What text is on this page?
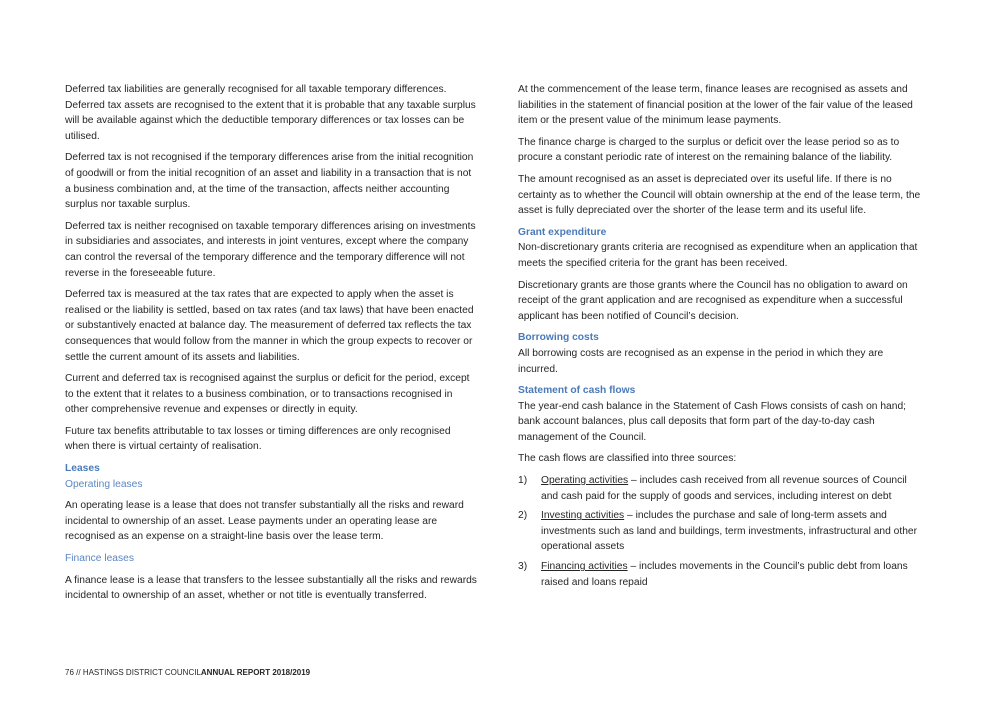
Deferred tax liabilities are generally recognised for all taxable temporary differences. Deferred tax assets are recognised to the extent that it is probable that any taxable surplus will be available against which the deductible temporary differences or tax losses can be utilised.

Deferred tax is not recognised if the temporary differences arise from the initial recognition of goodwill or from the initial recognition of an asset and liability in a transaction that is not a business combination and, at the time of the transaction, affects neither accounting surplus nor taxable surplus.

Deferred tax is neither recognised on taxable temporary differences arising on investments in subsidiaries and associates, and interests in joint ventures, except where the company can control the reversal of the temporary difference and the temporary difference will not reverse in the foreseeable future.

Deferred tax is measured at the tax rates that are expected to apply when the asset is realised or the liability is settled, based on tax rates (and tax laws) that have been enacted or substantively enacted at balance day. The measurement of deferred tax reflects the tax consequences that would follow from the manner in which the group expects to recover or settle the current amount of its assets and liabilities.

Current and deferred tax is recognised against the surplus or deficit for the period, except to the extent that it relates to a business combination, or to transactions recognised in other comprehensive revenue and expenses or directly in equity.

Future tax benefits attributable to tax losses or timing differences are only recognised when there is virtual certainty of realisation.

Leases
Operating leases

An operating lease is a lease that does not transfer substantially all the risks and reward incidental to ownership of an asset. Lease payments under an operating lease are recognised as an expense on a straight-line basis over the lease term.

Finance leases

A finance lease is a lease that transfers to the lessee substantially all the risks and rewards incidental to ownership of an asset, whether or not title is eventually transferred.

At the commencement of the lease term, finance leases are recognised as assets and liabilities in the statement of financial position at the lower of the fair value of the leased item or the present value of the minimum lease payments.

The finance charge is charged to the surplus or deficit over the lease period so as to procure a constant periodic rate of interest on the remaining balance of the liability.

The amount recognised as an asset is depreciated over its useful life. If there is no certainty as to whether the Council will obtain ownership at the end of the lease term, the asset is fully depreciated over the shorter of the lease term and its useful life.

Grant expenditure

Non-discretionary grants criteria are recognised as expenditure when an application that meets the specified criteria for the grant has been received.

Discretionary grants are those grants where the Council has no obligation to award on receipt of the grant application and are recognised as expenditure when a successful applicant has been notified of Council’s decision.

Borrowing costs

All borrowing costs are recognised as an expense in the period in which they are incurred.

Statement of cash flows

The year-end cash balance in the Statement of Cash Flows consists of cash on hand; bank account balances, plus call deposits that form part of the day-to-day cash management of the Council.

The cash flows are classified into three sources:

1) Operating activities – includes cash received from all revenue sources of Council and cash paid for the supply of goods and services, including interest on debt
2) Investing activities – includes the purchase and sale of long-term assets and investments such as land and buildings, term investments, infrastructural and other operational assets
3) Financing activities – includes movements in the Council’s public debt from loans raised and loans repaid
76 // HASTINGS DISTRICT COUNCILANNUAL REPORT 2018/2019
